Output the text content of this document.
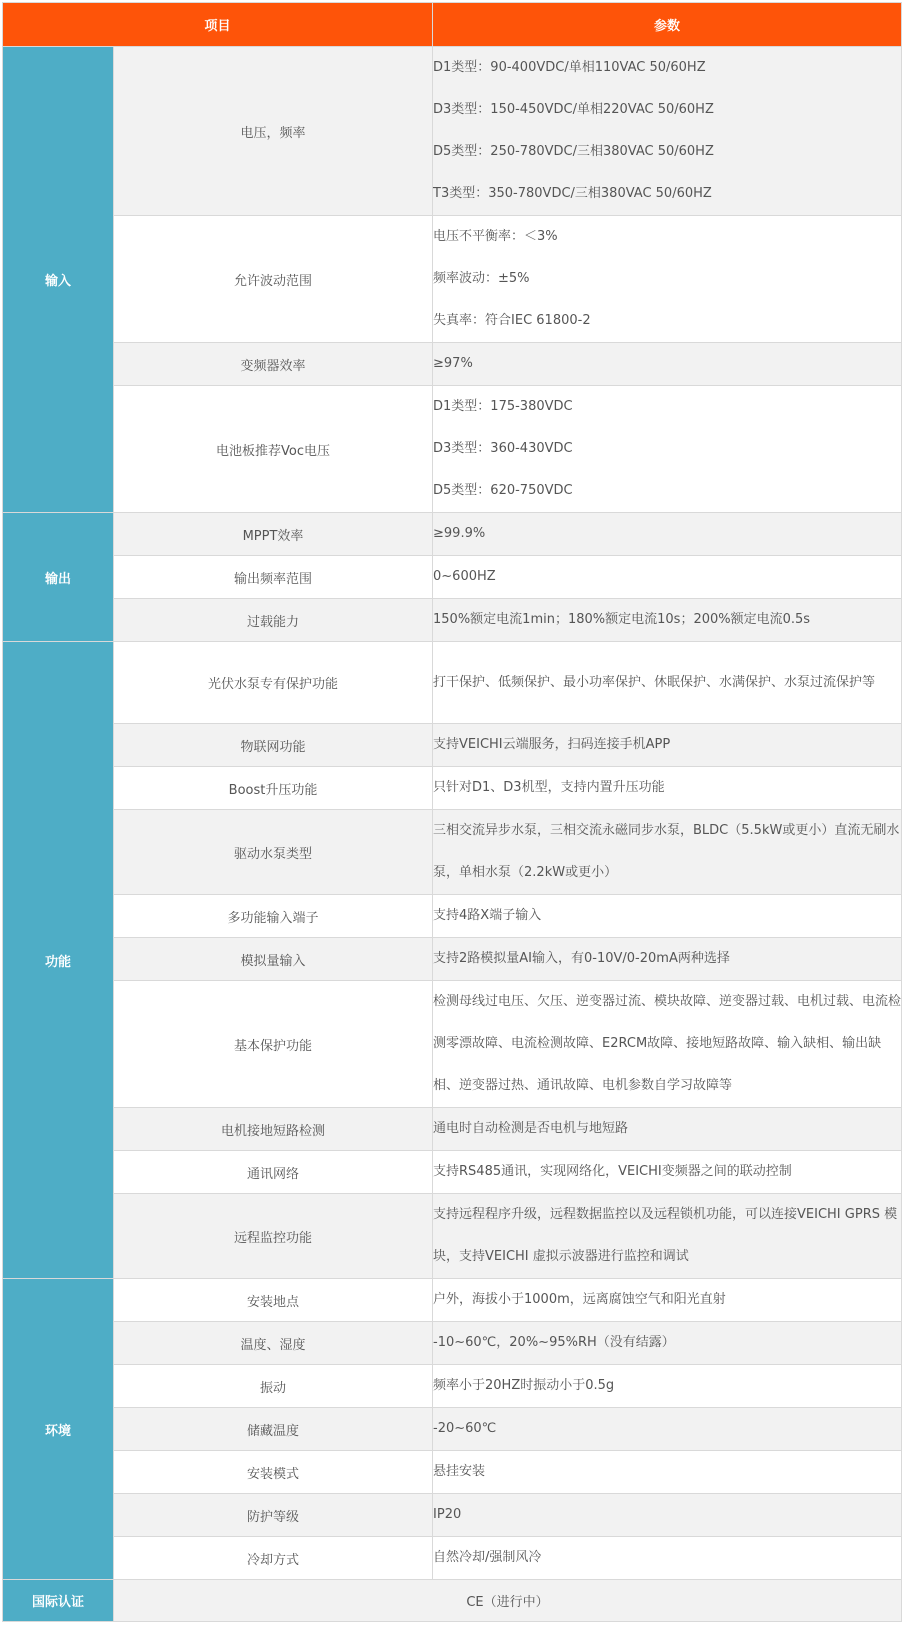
项目		参数
输入	电压，频率	D1类型：90-400VDC/单相110VAC 50/60HZ
D3类型：150-450VDC/单相220VAC 50/60HZ
D5类型：250-780VDC/三相380VAC 50/60HZ
T3类型：350-780VDC/三相380VAC 50/60HZ

	允许波动范围	电压不平衡率：＜3%
频率波动：±5%
失真率：符合IEC 61800-2

	变频器效率	≥97%

	电池板推荐Voc电压	D1类型：175-380VDC
D3类型：360-430VDC
D5类型：620-750VDC

输出	MPPT效率	≥99.9%

	输出频率范围	0~600HZ

	过载能力	150%额定电流1min；180%额定电流10s；200%额定电流0.5s

功能	光伏水泵专有保护功能	打干保护、低频保护、最小功率保护、休眠保护、水满保护、水泵过流保护等

	物联网功能	支持VEICHI云端服务，扫码连接手机APP

	Boost升压功能	只针对D1、D3机型，支持内置升压功能

	驱动水泵类型	三相交流异步水泵，三相交流永磁同步水泵，BLDC（5.5kW或更小）直流无刷水泵，单相水泵（2.2kW或更小）

	多功能输入端子	支持4路X端子输入

	模拟量输入	支持2路模拟量AI输入，有0-10V/0-20mA两种选择

	基本保护功能	检测母线过电压、欠压、逆变器过流、模块故障、逆变器过载、电机过载、电流检测零漂故障、电流检测故障、E2RCM故障、接地短路故障、输入缺相、输出缺相、逆变器过热、通讯故障、电机参数自学习故障等

	电机接地短路检测	通电时自动检测是否电机与地短路

	通讯网络	支持RS485通讯，实现网络化，VEICHI变频器之间的联动控制

	远程监控功能	支持远程程序升级，远程数据监控以及远程锁机功能，可以连接VEICHI GPRS 模块，支持VEICHI 虚拟示波器进行监控和调试

环境	安装地点	户外，海拔小于1000m，远离腐蚀空气和阳光直射

	温度、湿度	-10~60℃，20%~95%RH（没有结露）

	振动	频率小于20HZ时振动小于0.5g

	储藏温度	-20~60℃

	安装模式	悬挂安装

	防护等级	IP20

	冷却方式	自然冷却/强制风冷

国际认证	CE（进行中）	
